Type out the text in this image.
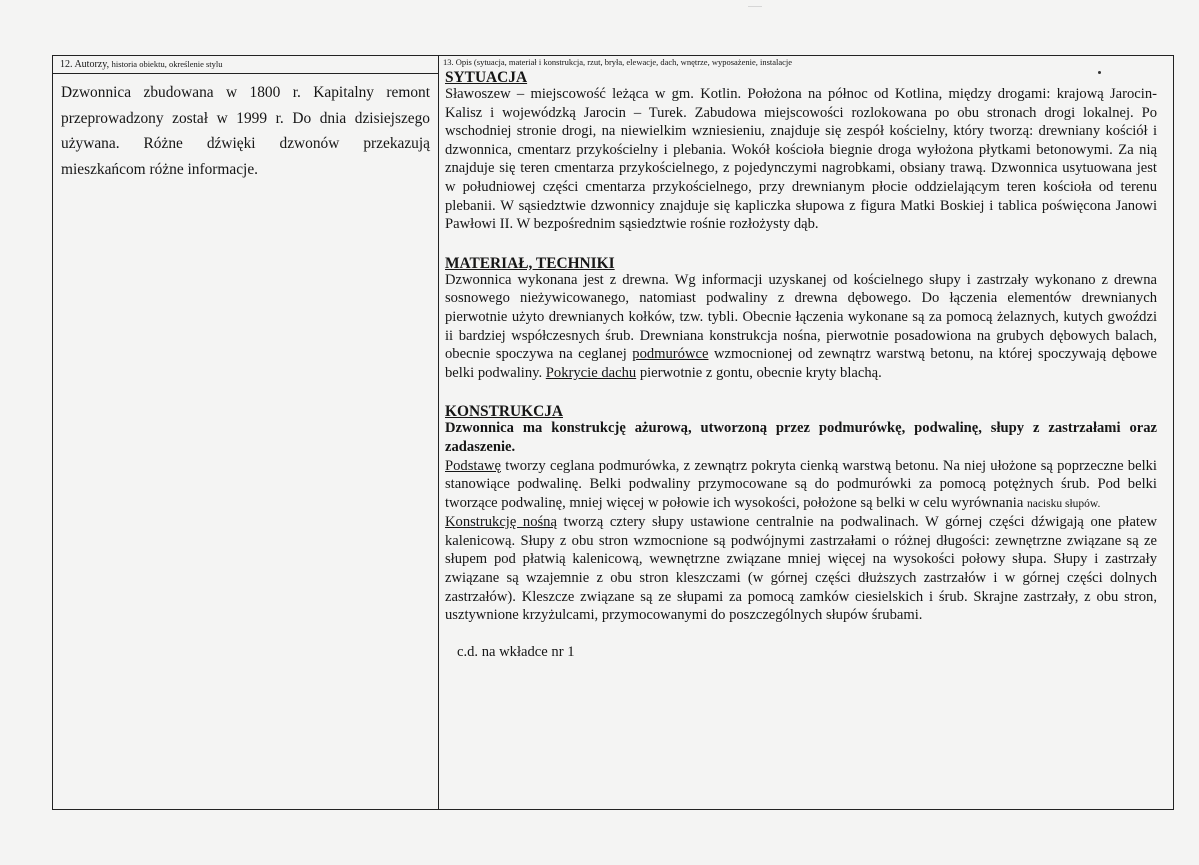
12. Autorzy, historia obiektu, określenie stylu

Dzwonnica zbudowana w 1800 r. Kapitalny remont przeprowadzony został w 1999 r. Do dnia dzisiejszego używana. Różne dźwięki dzwonów przekazują mieszkańcom różne informacje.

13. Opis (sytuacja, materiał i konstrukcja, rzut, bryła, elewacje, dach, wnętrze, wyposażenie, instalacje

SYTUACJA

Sławoszew – miejscowość leżąca w gm. Kotlin. Położona na północ od Kotlina, między drogami: krajową Jarocin- Kalisz i wojewódzką Jarocin – Turek. Zabudowa miejscowości rozlokowana po obu stronach drogi lokalnej. Po wschodniej stronie drogi, na niewielkim wzniesieniu, znajduje się zespół kościelny, który tworzą: drewniany kościół i dzwonnica, cmentarz przykościelny i plebania. Wokół kościoła biegnie droga wyłożona płytkami betonowymi. Za nią znajduje się teren cmentarza przykościelnego, z pojedynczymi nagrobkami, obsiany trawą. Dzwonnica usytuowana jest w południowej części cmentarza przykościelnego, przy drewnianym płocie oddzielającym teren kościoła od terenu plebanii. W sąsiedztwie dzwonnicy znajduje się kapliczka słupowa z figura Matki Boskiej i tablica poświęcona Janowi Pawłowi II. W bezpośrednim sąsiedztwie rośnie rozłożysty dąb.

MATERIAŁ, TECHNIKI

Dzwonnica wykonana jest z drewna. Wg informacji uzyskanej od kościelnego słupy i zastrzały wykonano z drewna sosnowego nieżywicowanego, natomiast podwaliny z drewna dębowego. Do łączenia elementów drewnianych pierwotnie użyto drewnianych kołków, tzw. tybli. Obecnie łączenia wykonane są za pomocą żelaznych, kutych gwoździ ii bardziej współczesnych śrub. Drewniana konstrukcja nośna, pierwotnie posadowiona na grubych dębowych balach, obecnie spoczywa na ceglanej podmurówce wzmocnionej od zewnątrz warstwą betonu, na której spoczywają dębowe belki podwaliny. Pokrycie dachu pierwotnie z gontu, obecnie kryty blachą.

KONSTRUKCJA

Dzwonnica ma konstrukcję ażurową, utworzoną przez podmurówkę, podwalinę, słupy z zastrzałami oraz zadaszenie.

Podstawę tworzy ceglana podmurówka, z zewnątrz pokryta cienką warstwą betonu. Na niej ułożone są poprzeczne belki stanowiące podwalinę. Belki podwaliny przymocowane są do podmurówki za pomocą potężnych śrub. Pod belki tworzące podwalinę, mniej więcej w połowie ich wysokości, położone są belki w celu wyrównania nacisku słupów.

Konstrukcję nośną tworzą cztery słupy ustawione centralnie na podwalinach. W górnej części dźwigają one płatew kalenicową. Słupy z obu stron wzmocnione są podwójnymi zastrzałami o różnej długości: zewnętrzne związane są ze słupem pod płatwią kalenicową, wewnętrzne związane mniej więcej na wysokości połowy słupa. Słupy i zastrzały związane są wzajemnie z obu stron kleszczami (w górnej części dłuższych zastrzałów i w górnej części dolnych zastrzałów). Kleszcze związane są ze słupami za pomocą zamków ciesielskich i śrub. Skrajne zastrzały, z obu stron, usztywnione krzyżulcami, przymocowanymi do poszczególnych słupów śrubami.

c.d. na wkładce nr 1
